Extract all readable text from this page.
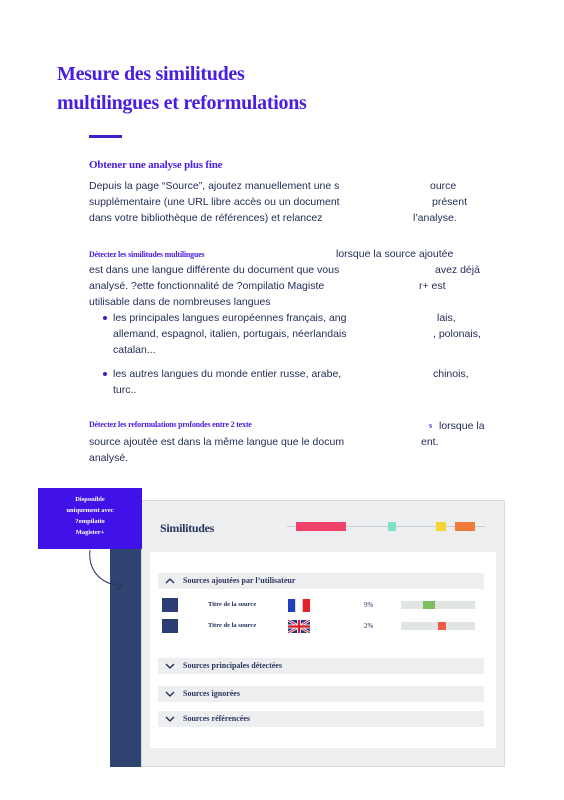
Mesure des similitudes
multilingues et reformulations
Obtener une analyse plus fine
Depuis la page “Source”, ajoutez manuellement une s	ource
supplémentaire (une URL libre accès ou un document	présent
dans votre bibliothèque de références) et relancez	l’analyse.
Détectez les similitudes multilingues	lorsque la source ajoutée
est dans une langue différente du document que vous	avez déjà
analysé. ?ette fonctionnalité de ?ompilatio Magiste	r+ est
utilisable dans de nombreuses langues
les principales langues européennes français, ang	lais,
allemand, espagnol, italien, portugais, néerlandais	, polonais,
catalan...
les autres langues du monde entier russe, arabe,	chinois,
turc..
Détectez les reformulations profondes entre 2 texte	s lorsque la
source ajoutée est dans la même langue que le docum	ent.
analysé.
Disponible
uniquement avec
?ompilatio
Magister+	Similitudes
Sources ajoutées par l’utilisateur
Titre de la source	9%
Titre de la source	2%
Sources principales détectées
Sources ignorées
Sources référencées
